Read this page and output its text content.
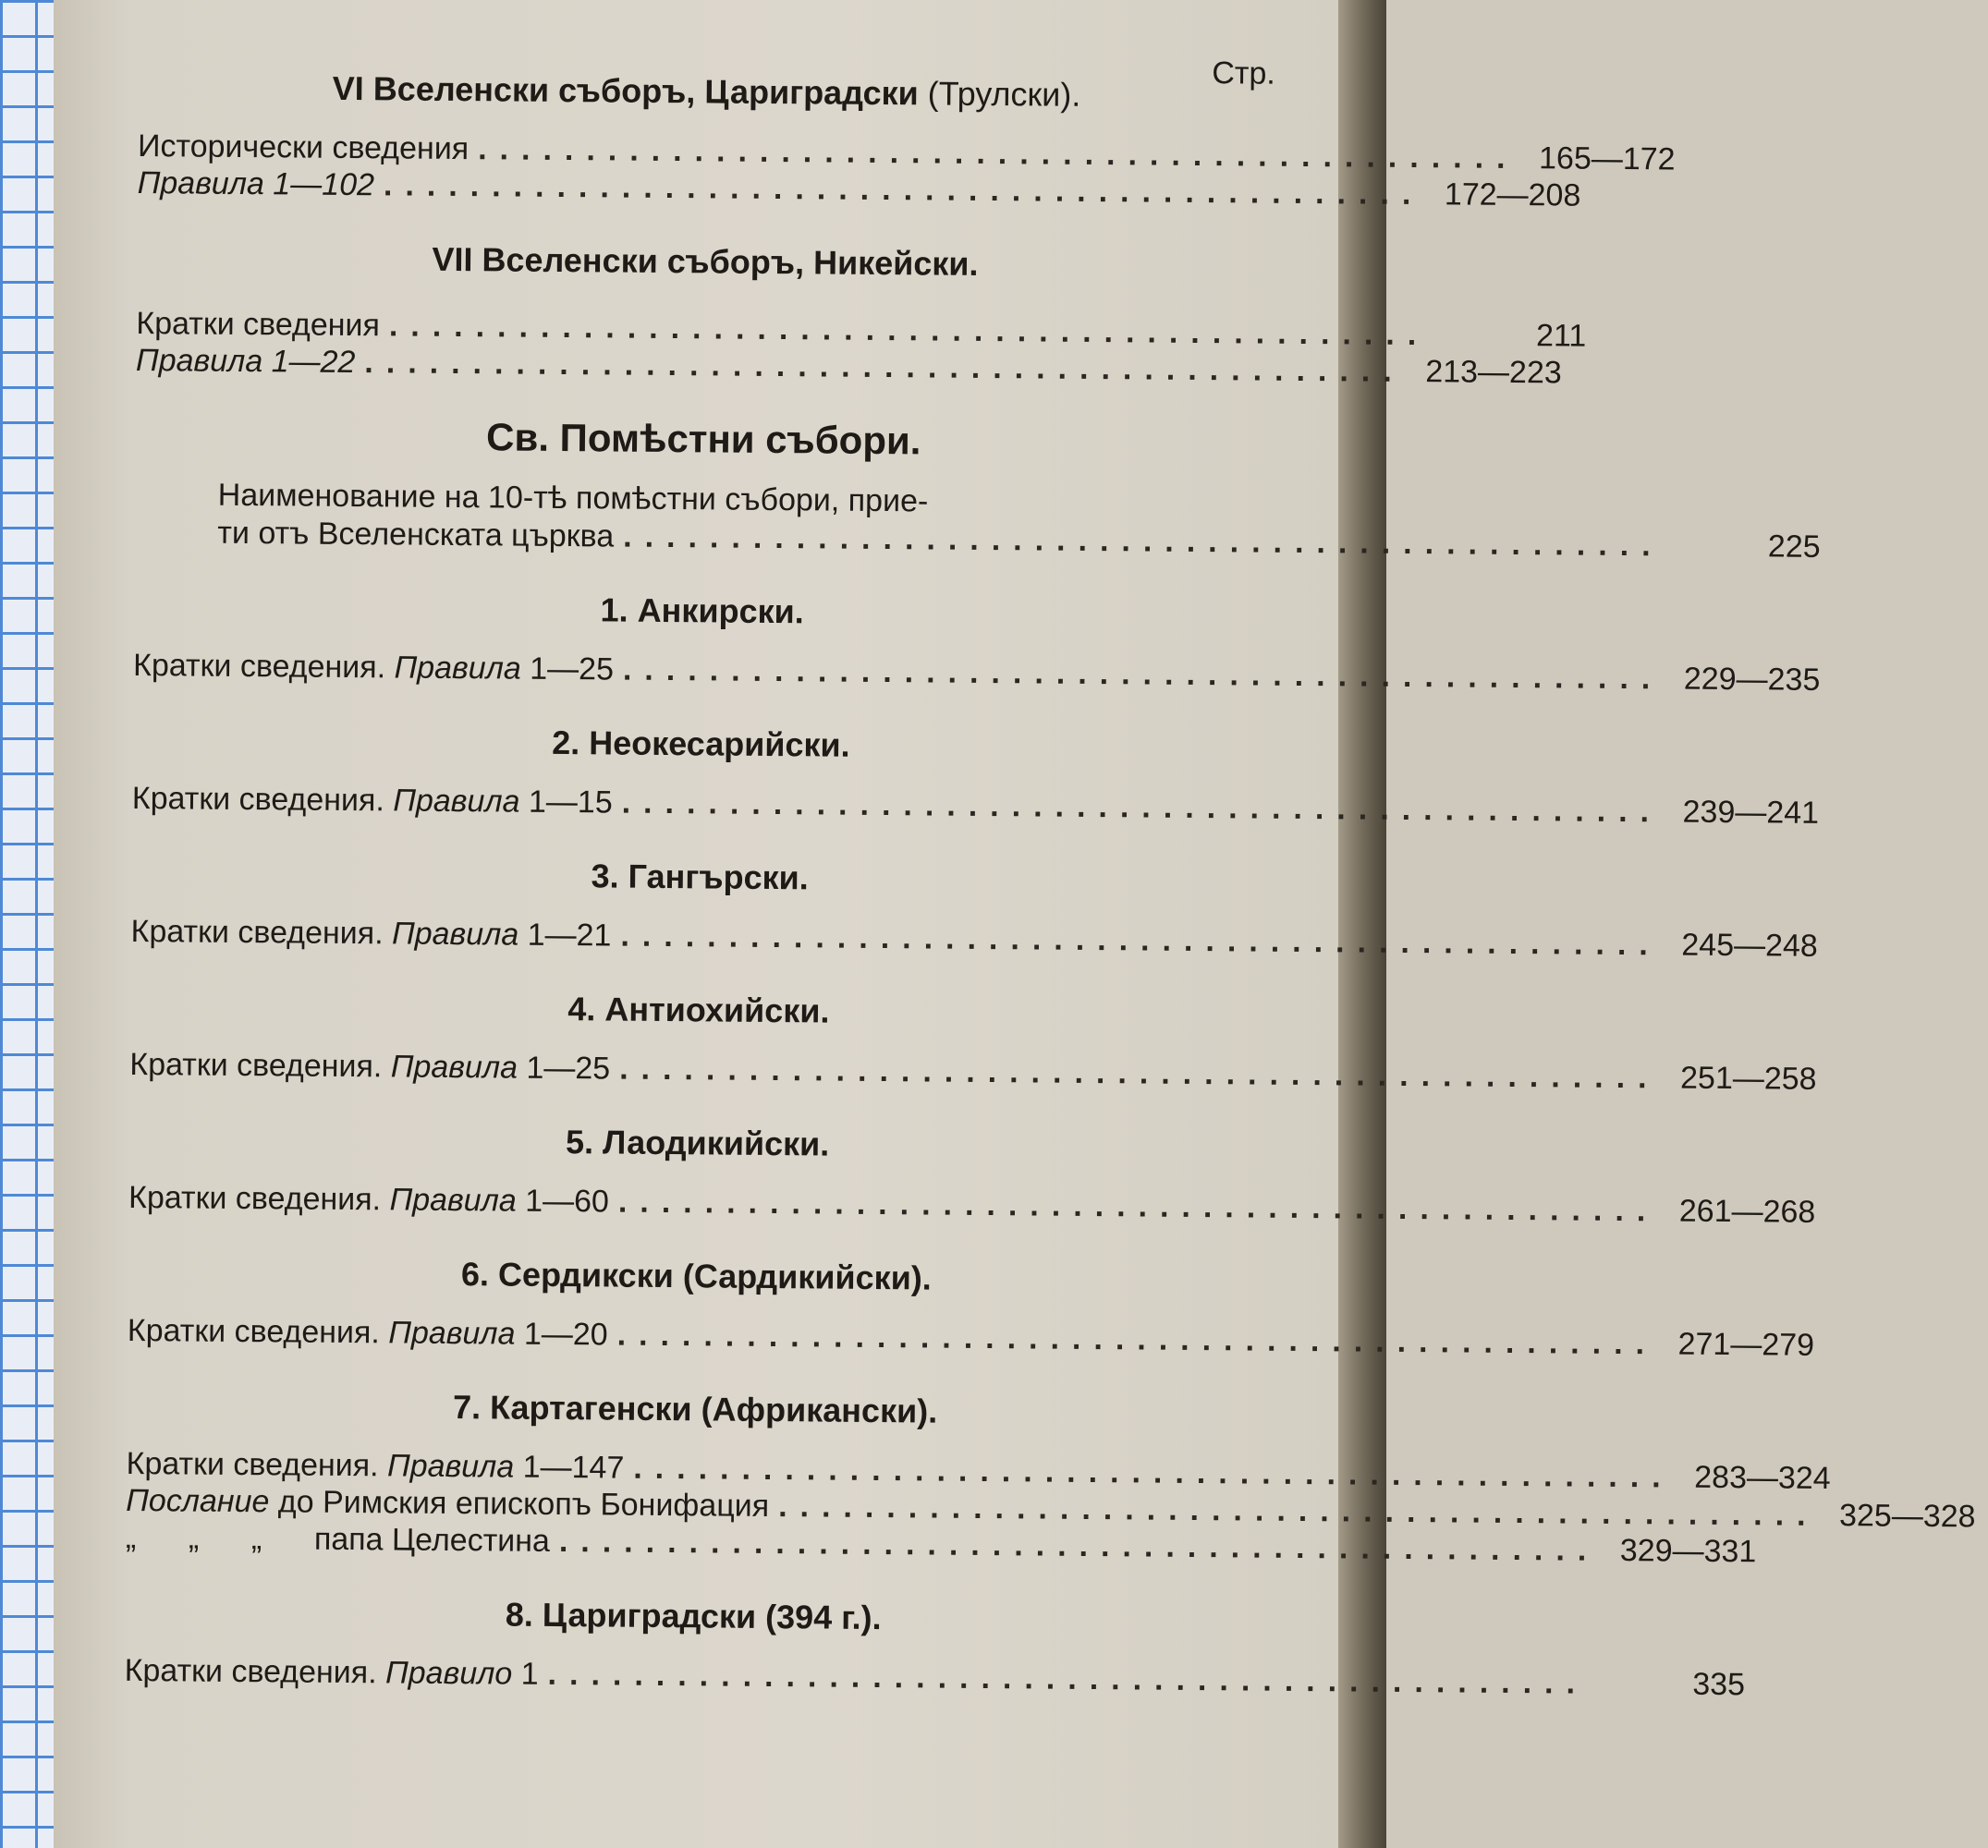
Стр.

VI Вселенски съборъ, Цариградски (Трулски).

Исторически сведения ................................................ 165—172
Правила 1—102 ................................................ 172—208

VII Вселенски съборъ, Никейски.

Кратки сведения ................................................	211
Правила 1—22 ................................................ 213—223

Св. Помѣстни събори.

Наименование на 10-тѣ помѣстни събори, прие-
ти отъ Вселенската църква ................................................	225

1. Анкирски.

Кратки сведения. Правила 1—25 ................................................ 229—235

2. Неокесарийски.

Кратки сведения. Правила 1—15 ................................................ 239—241

3. Гангърски.

Кратки сведения. Правила 1—21 ................................................ 245—248

4. Антиохийски.

Кратки сведения. Правила 1—25 ................................................ 251—258

5. Лаодикийски.

Кратки сведения. Правила 1—60 ................................................ 261—268

6. Сердикски (Сардикийски).

Кратки сведения. Правила 1—20 ................................................ 271—279

7. Картагенски (Африкански).

Кратки сведения. Правила 1—147 ................................................ 283—324
Послание до Римския епископъ Бонифация ................................................ 325—328
„      „      „ папа Целестина ................................................ 329—331

8. Цариградски (394 г.).

Кратки сведения. Правило 1 ................................................	335
